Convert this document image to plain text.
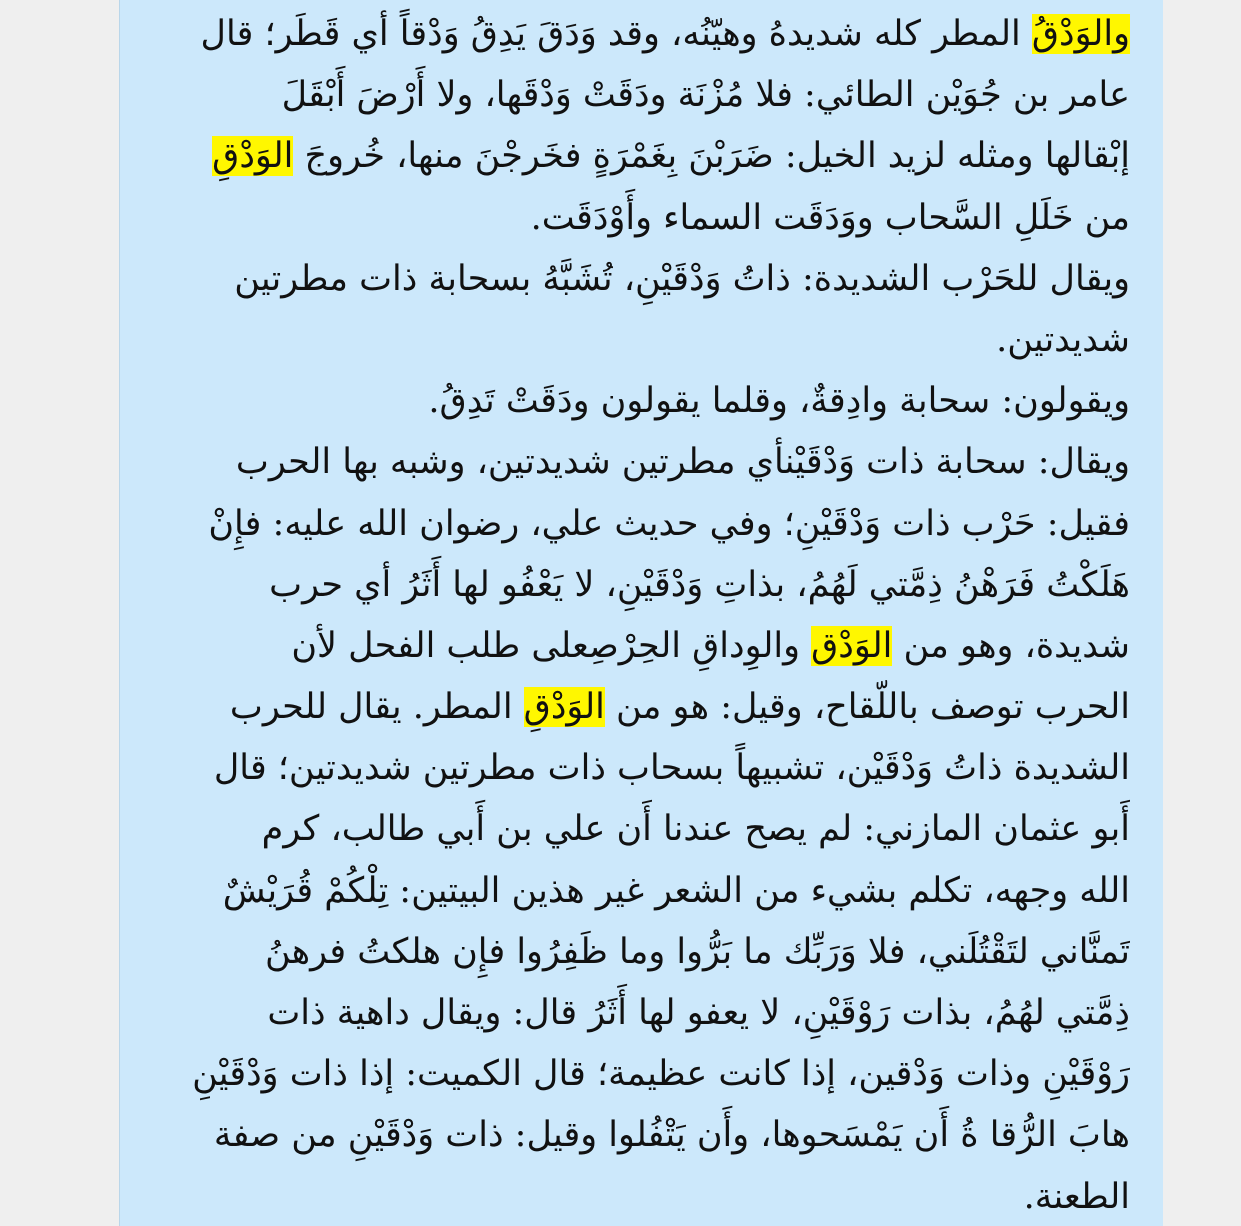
والوَدْقُ المطر كله شديدهُ وهيّنُه، وقد وَدَقَ يَدِقُ وَدْقاً أي قَطَر؛ قال
عامر بن جُوَيْن الطائي: فلا مُزْنَة ودَقَتْ وَدْقَها، ولا أَرْضَ أَبْقَلَ
إبْقالها ومثله لزيد الخيل: ضَرَبْنَ بِغَمْرَةٍ فخَرجْنَ منها، خُروجَ الوَدْقِ
من خَلَلِ السَّحاب ووَدَقَت السماء وأَوْدَقَت.
ويقال للحَرْب الشديدة: ذاتُ وَدْقَيْنِ، تُشَبَّهُ بسحابة ذات مطرتين
شديدتين.
ويقولون: سحابة وادِقةٌ، وقلما يقولون ودَقَتْ تَدِقُ.
ويقال: سحابة ذات وَدْقَيْنأي مطرتين شديدتين، وشبه بها الحرب
فقيل: حَرْب ذات وَدْقَيْنِ؛ وفي حديث علي، رضوان الله عليه: فإِنْ
هَلَكْتُ فَرَهْنُ ذِمَّتي لَهُمُ، بذاتِ وَدْقَيْنِ، لا يَعْفُو لها أَثَرُ أي حرب
شديدة، وهو من الوَدْق والوِداقِ الحِرْصِعلى طلب الفحل لأن
الحرب توصف باللّقاح، وقيل: هو من الوَدْقِ المطر. يقال للحرب
الشديدة ذاتُ وَدْقَيْن، تشبيهاً بسحاب ذات مطرتين شديدتين؛ قال
أَبو عثمان المازني: لم يصح عندنا أَن علي بن أَبي طالب، كرم
الله وجهه، تكلم بشيء من الشعر غير هذين البيتين: تِلْكُمْ قُرَيْشٌ
تَمنَّاني لتَقْتُلَني، فلا وَرَبِّك ما بَرُّوا وما ظَفِرُوا فإِن هلكتُ فرهنُ
ذِمَّتي لهُمُ، بذات رَوْقَيْنِ، لا يعفو لها أَثَرُ قال: ويقال داهية ذات
رَوْقَيْنِ وذات وَدْقين، إذا كانت عظيمة؛ قال الكميت: إذا ذات وَدْقَيْنِ
هابَ الرُّقا ةُ أَن يَمْسَحوها، وأَن يَتْفُلوا وقيل: ذات وَدْقَيْنِ من صفة
الطعنة.
